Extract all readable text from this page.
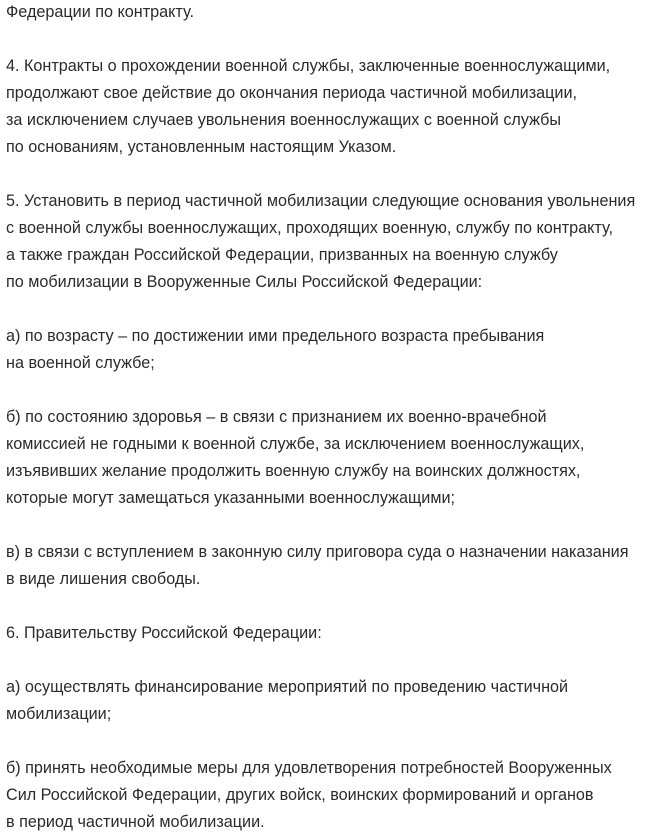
Федерации по контракту.

4. Контракты о прохождении военной службы, заключенные военнослужащими,
продолжают свое действие до окончания периода частичной мобилизации,
за исключением случаев увольнения военнослужащих с военной службы
по основаниям, установленным настоящим Указом.

5. Установить в период частичной мобилизации следующие основания увольнения
с военной службы военнослужащих, проходящих военную, службу по контракту,
а также граждан Российской Федерации, призванных на военную службу
по мобилизации в Вооруженные Силы Российской Федерации:

а) по возрасту – по достижении ими предельного возраста пребывания
на военной службе;

б) по состоянию здоровья – в связи с признанием их военно-врачебной
комиссией не годными к военной службе, за исключением военнослужащих,
изъявивших желание продолжить военную службу на воинских должностях,
которые могут замещаться указанными военнослужащими;

в) в связи с вступлением в законную силу приговора суда о назначении наказания
в виде лишения свободы.

6. Правительству Российской Федерации:

а) осуществлять финансирование мероприятий по проведению частичной
мобилизации;

б) принять необходимые меры для удовлетворения потребностей Вооруженных
Сил Российской Федерации, других войск, воинских формирований и органов
в период частичной мобилизации.
